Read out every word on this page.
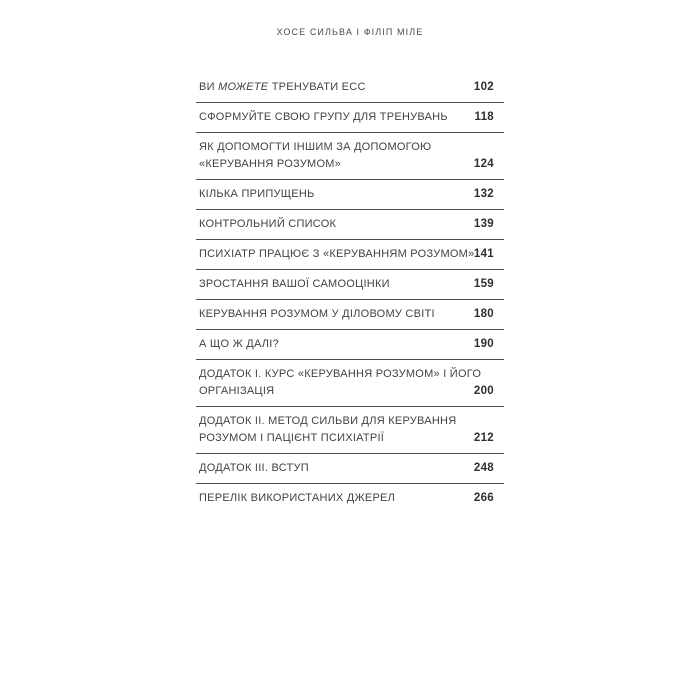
ХОСЕ СИЛЬВА І ФІЛІП МІЛЕ
ВИ МОЖЕТЕ ТРЕНУВАТИ ЕСС	102
СФОРМУЙТЕ СВОЮ ГРУПУ ДЛЯ ТРЕНУВАНЬ	118
ЯК ДОПОМОГТИ ІНШИМ ЗА ДОПОМОГОЮ
«КЕРУВАННЯ РОЗУМОМ»	124
КІЛЬКА ПРИПУЩЕНЬ	132
КОНТРОЛЬНИЙ СПИСОК	139
ПСИХІАТР ПРАЦЮЄ З «КЕРУВАННЯМ РОЗУМОМ» 141
ЗРОСТАННЯ ВАШОЇ САМООЦІНКИ	159
КЕРУВАННЯ РОЗУМОМ У ДІЛОВОМУ СВІТІ	180
А ЩО Ж ДАЛІ?	190
ДОДАТОК І. КУРС «КЕРУВАННЯ РОЗУМОМ» І ЙОГО
ОРГАНІЗАЦІЯ	200
ДОДАТОК ІІ. МЕТОД СИЛЬВИ ДЛЯ КЕРУВАННЯ
РОЗУМОМ І ПАЦІЄНТ ПСИХІАТРІЇ	212
ДОДАТОК ІІІ. ВСТУП	248
ПЕРЕЛІК ВИКОРИСТАНИХ ДЖЕРЕЛ	266
